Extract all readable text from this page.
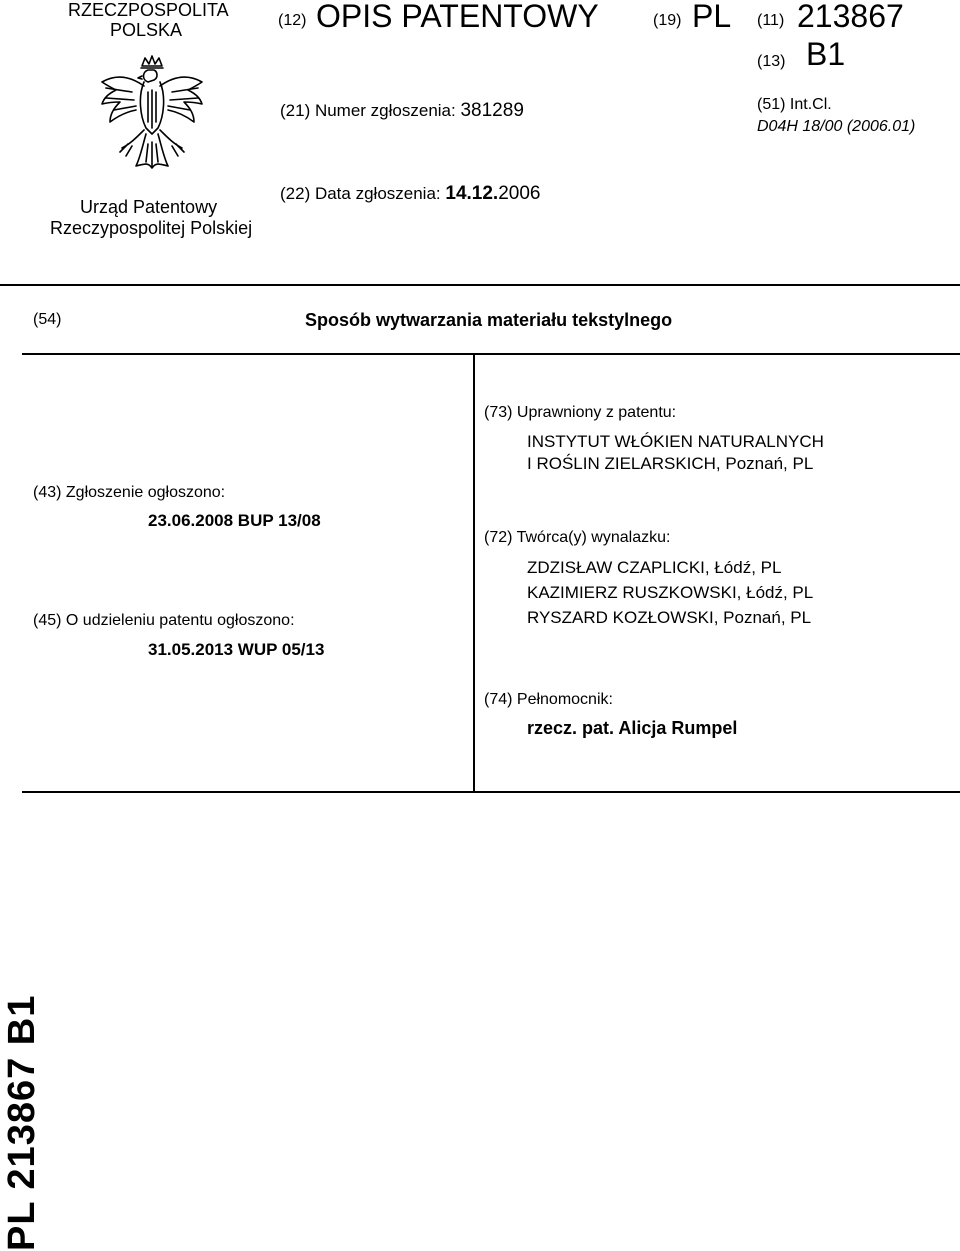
RZECZPOSPOLITA
POLSKA
Urząd Patentowy
Rzeczypospolitej Polskiej
(12) OPIS PATENTOWY	(19) PL (11) 213867
(13) B1
(21) Numer zgłoszenia: 381289	(51) Int.Cl.
D04H 18/00 (2006.01)
(22) Data zgłoszenia: 14.12.2006
(54)	Sposób wytwarzania materiału tekstylnego
(43) Zgłoszenie ogłoszono:
23.06.2008 BUP 13/08
(45) O udzieleniu patentu ogłoszono:
31.05.2013 WUP 05/13
(73) Uprawniony z patentu:
INSTYTUT WŁÓKIEN NATURALNYCH
I ROŚLIN ZIELARSKICH, Poznań, PL
(72) Twórca(y) wynalazku:
ZDZISŁAW CZAPLICKI, Łódź, PL
KAZIMIERZ RUSZKOWSKI, Łódź, PL
RYSZARD KOZŁOWSKI, Poznań, PL
(74) Pełnomocnik:
rzecz. pat. Alicja Rumpel
PL 213867 B1
